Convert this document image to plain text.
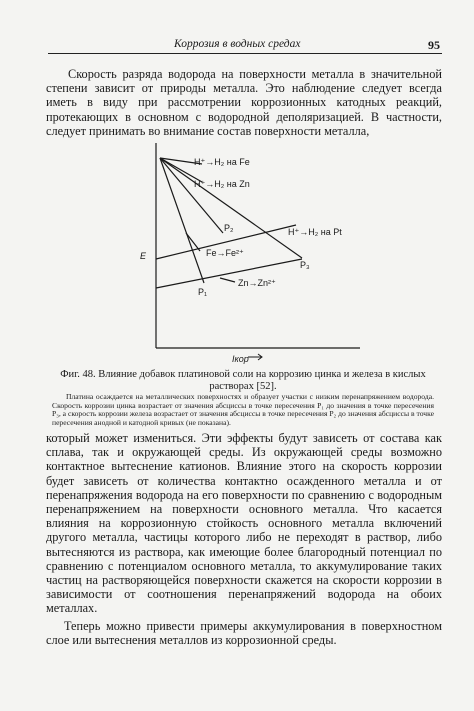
Коррозия в водных средах	95

Скорость разряда водорода на поверхности металла в значительной степени зависит от природы металла. Это наблюдение следует всегда иметь в виду при рассмотрении коррозионных катодных реакций, протекающих в основном с водородной деполяризацией. В частности, следует принимать во внимание состав поверхности металла,

H⁺→H₂ на Fe
H⁺→H₂ на Zn
H⁺→H₂ на Pt
P₂
P₃
P₁
Fe→Fe²⁺
Zn→Zn²⁺
E
Iкор
Фиг. 48. Влияние добавок платиновой соли на коррозию цинка и железа в кислых растворах [52].
Платина осаждается на металлических поверхностях и образует участки с низким перенапряжением водорода. Скорость коррозии цинка возрастает от значения абсциссы в точке пересечения P₁ до значения в точке пересечения P₃, а скорость коррозии железа возрастает от значения абсциссы в точке пересечения P₂ до значения абсциссы в точке пересечения анодной и катодной кривых (не показана).

который может измениться. Эти эффекты будут зависеть от состава как сплава, так и окружающей среды. Из окружающей среды возможно контактное вытеснение катионов. Влияние этого на скорость коррозии будет зависеть от количества контактно осажденного металла и от перенапряжения водорода на его поверхности по сравнению с водородным перенапряжением на поверхности основного металла. Что касается влияния на коррозионную стойкость основного металла включений другого металла, частицы которого либо не переходят в раствор, либо вытесняются из раствора, как имеющие более благородный потенциал по сравнению с потенциалом основного металла, то аккумулирование таких частиц на растворяющейся поверхности скажется на скорости коррозии в зависимости от соотношения перенапряжений водорода на обоих металлах.

Теперь можно привести примеры аккумулирования в поверхностном слое или вытеснения металлов из коррозионной среды.
